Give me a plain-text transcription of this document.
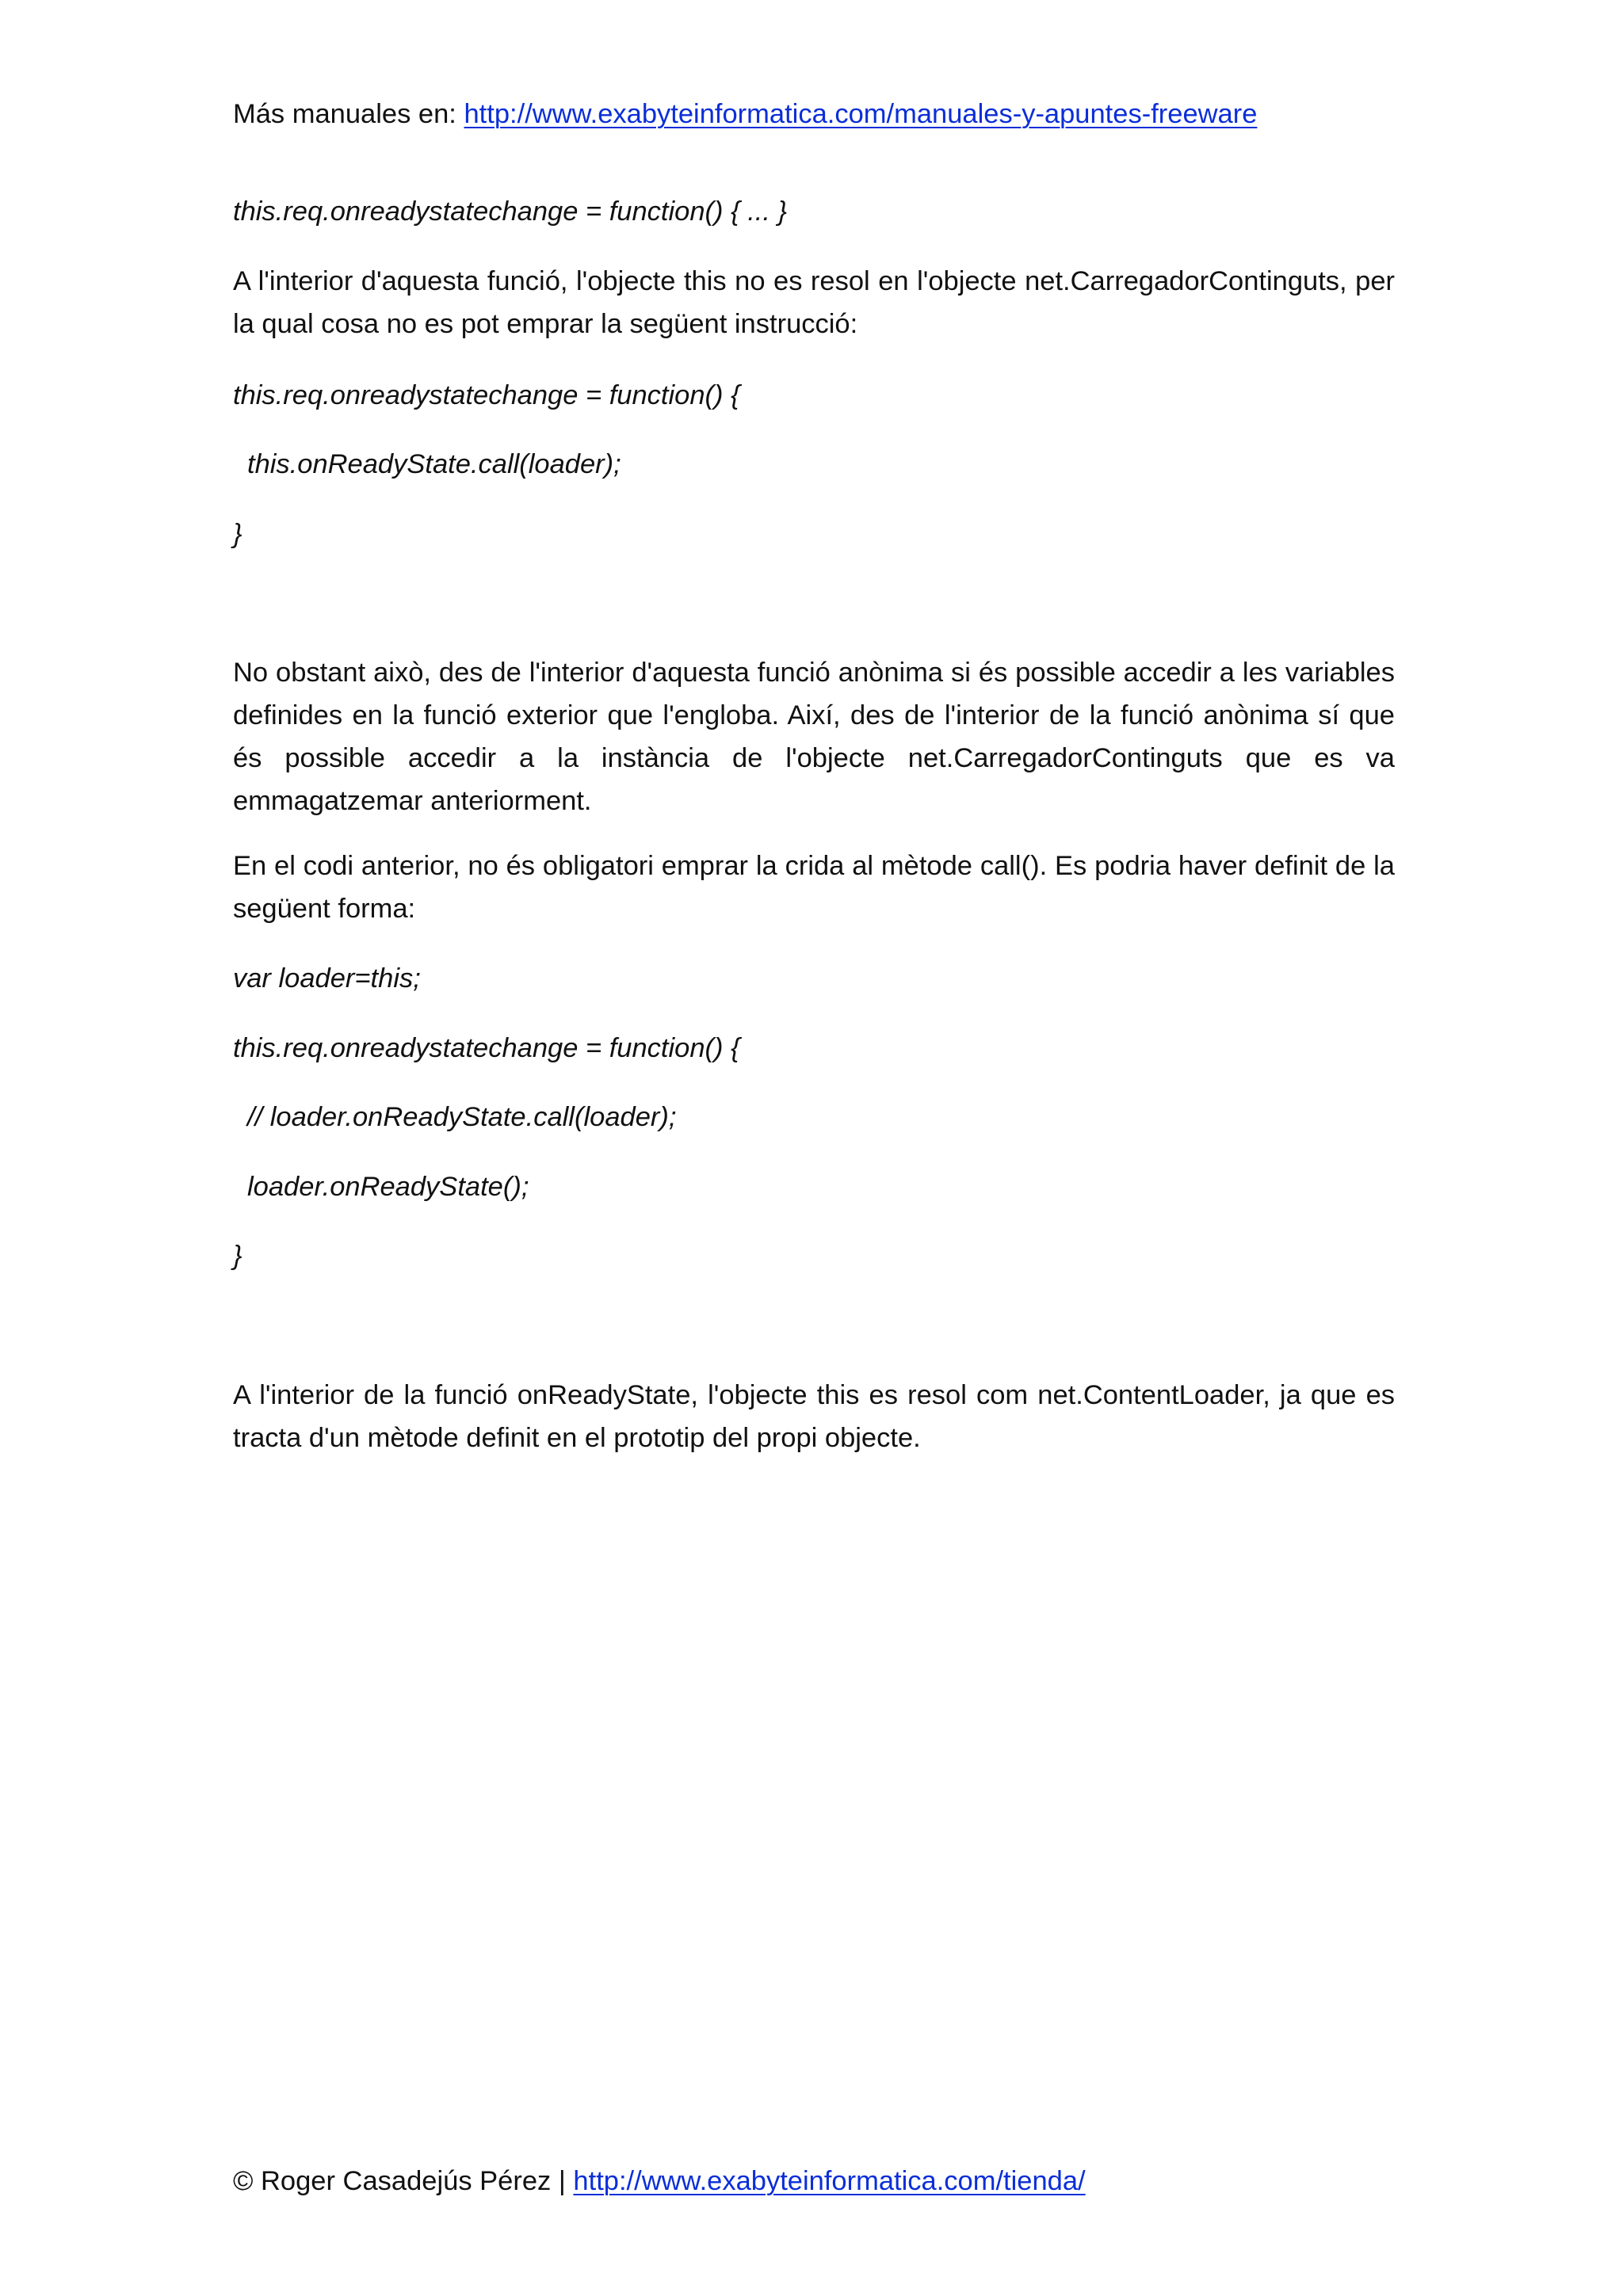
Más manuales en: http://www.exabyteinformatica.com/manuales-y-apuntes-freeware
this.req.onreadystatechange = function() { ... }
A l'interior d'aquesta funció, l'objecte this no es resol en l'objecte net.CarregadorContinguts, per la qual cosa no es pot emprar la següent instrucció:
this.req.onreadystatechange = function() {
this.onReadyState.call(loader);
}
No obstant això, des de l'interior d'aquesta funció anònima si és possible accedir a les variables definides en la funció exterior que l'engloba. Així, des de l'interior de la funció anònima sí que és possible accedir a la instància de l'objecte net.CarregadorContinguts que es va emmagatzemar anteriorment.
En el codi anterior, no és obligatori emprar la crida al mètode call(). Es podria haver definit de la següent forma:
var loader=this;
this.req.onreadystatechange = function() {
// loader.onReadyState.call(loader);
loader.onReadyState();
}
A l'interior de la funció onReadyState, l'objecte this es resol com net.ContentLoader, ja que es tracta d'un mètode definit en el prototip del propi objecte.
© Roger Casadejús Pérez | http://www.exabyteinformatica.com/tienda/
